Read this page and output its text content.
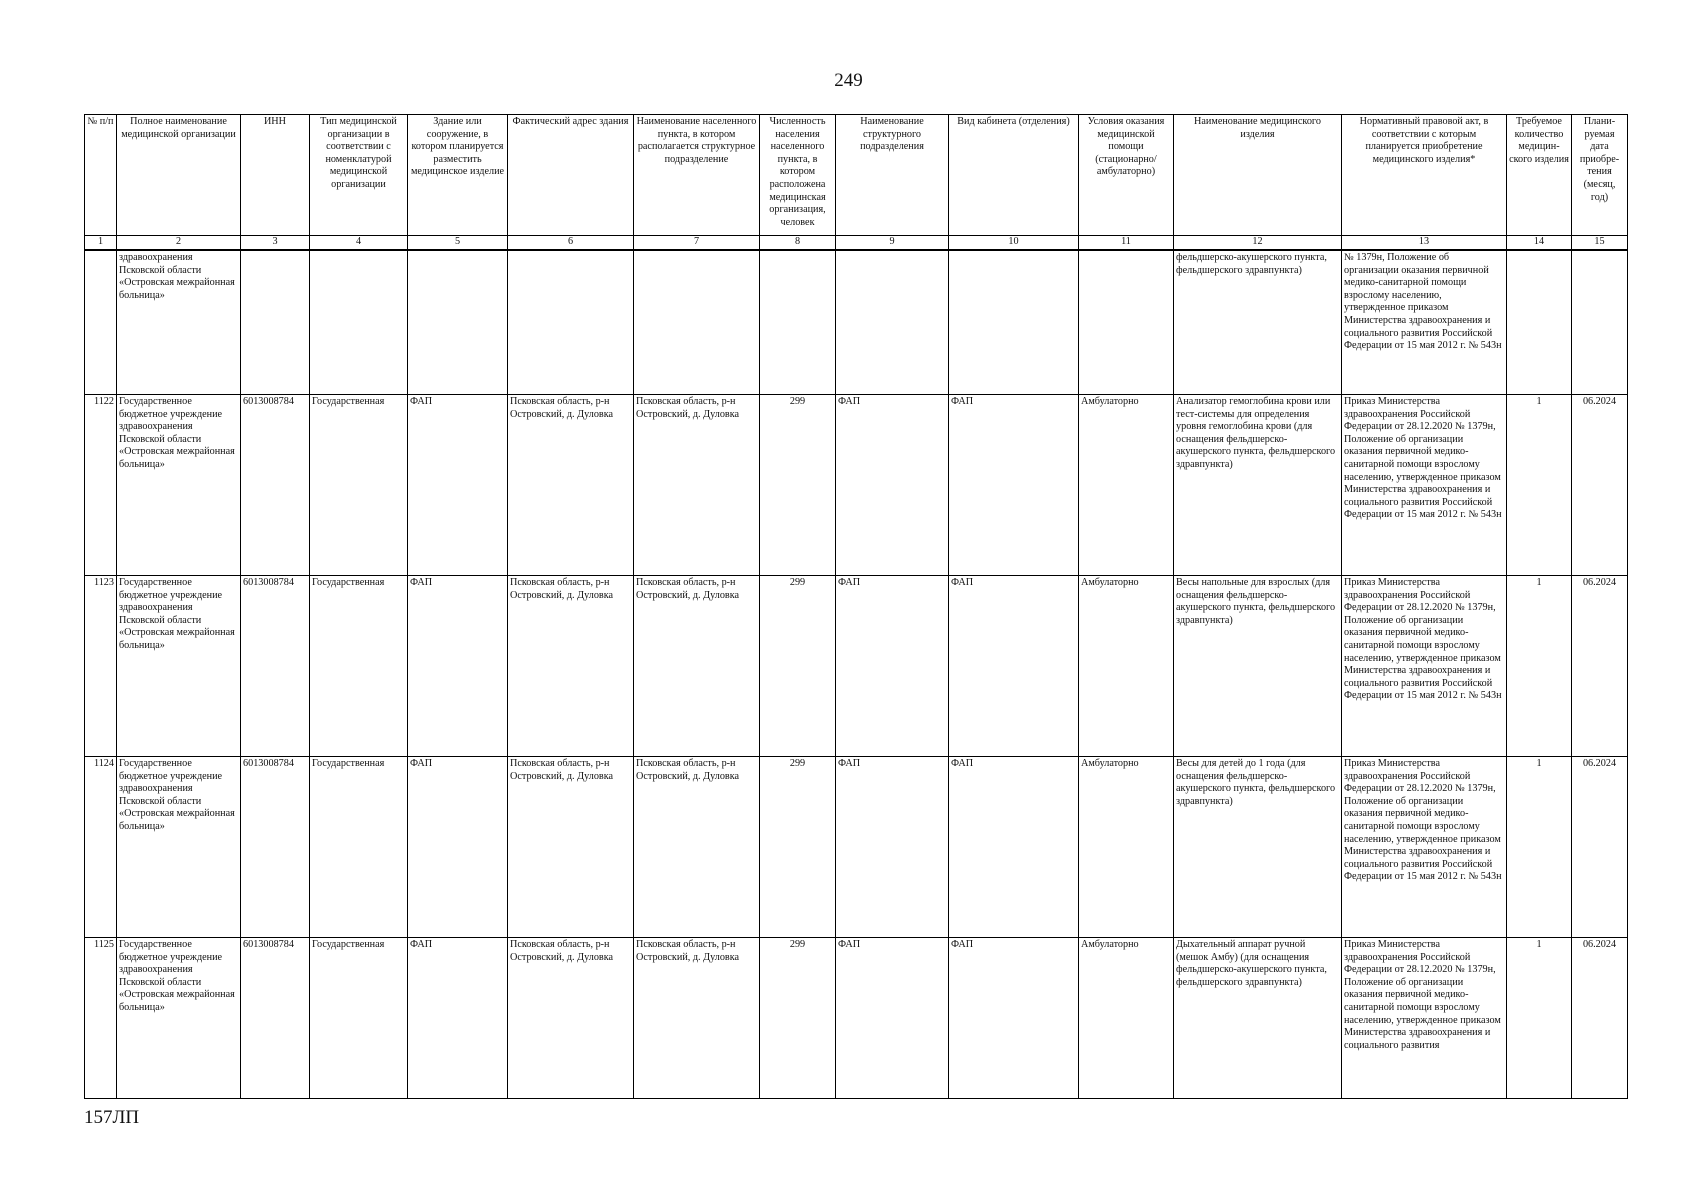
249
№ п/п	Полное наименование медицинской организации	ИНН	Тип медицинской организации в соответствии с номенклатурой медицинской организации	Здание или сооружение, в котором планируется разместить медицинское изделие	Фактический адрес здания	Наименование населенного пункта, в котором располагается структурное подразделение	Численность населения населенного пункта, в котором расположена медицинская организация, человек	Наименование структурного подразделения	Вид кабинета (отделения)	Условия оказания медицинской помощи (стационарно/ амбулаторно)	Наименование медицинского изделия	Нормативный правовой акт, в соответствии с которым планируется приобретение медицинского изделия*	Требуемое количество медицин-ского изделия	Плани-руемая дата приобре-тения (месяц, год)
1	2	3	4	5	6	7	8	9	10	11	12	13	14	15
	здравоохранения Псковской области «Островская межрайонная больница»										фельдшерско-акушерского пункта, фельдшерского здравпункта)	№ 1379н, Положение об организации оказания первичной медико-санитарной помощи взрослому населению, утвержденное приказом Министерства здравоохранения и социального развития Российской Федерации от 15 мая 2012 г. № 543н		
1122	Государственное бюджетное учреждение здравоохранения Псковской области «Островская межрайонная больница»	6013008784	Государственная	ФАП	Псковская область, р-н Островский, д. Дуловка	Псковская область, р-н Островский, д. Дуловка	299	ФАП	ФАП	Амбулаторно	Анализатор гемоглобина крови или тест-системы для определения уровня гемоглобина крови (для оснащения фельдшерско-акушерского пункта, фельдшерского здравпункта)	Приказ Министерства здравоохранения Российской Федерации от 28.12.2020 № 1379н, Положение об организации оказания первичной медико-санитарной помощи взрослому населению, утвержденное приказом Министерства здравоохранения и социального развития Российской Федерации от 15 мая 2012 г. № 543н	1	06.2024
1123	Государственное бюджетное учреждение здравоохранения Псковской области «Островская межрайонная больница»	6013008784	Государственная	ФАП	Псковская область, р-н Островский, д. Дуловка	Псковская область, р-н Островский, д. Дуловка	299	ФАП	ФАП	Амбулаторно	Весы напольные для взрослых (для оснащения фельдшерско-акушерского пункта, фельдшерского здравпункта)	Приказ Министерства здравоохранения Российской Федерации от 28.12.2020 № 1379н, Положение об организации оказания первичной медико-санитарной помощи взрослому населению, утвержденное приказом Министерства здравоохранения и социального развития Российской Федерации от 15 мая 2012 г. № 543н	1	06.2024
1124	Государственное бюджетное учреждение здравоохранения Псковской области «Островская межрайонная больница»	6013008784	Государственная	ФАП	Псковская область, р-н Островский, д. Дуловка	Псковская область, р-н Островский, д. Дуловка	299	ФАП	ФАП	Амбулаторно	Весы для детей до 1 года (для оснащения фельдшерско-акушерского пункта, фельдшерского здравпункта)	Приказ Министерства здравоохранения Российской Федерации от 28.12.2020 № 1379н, Положение об организации оказания первичной медико-санитарной помощи взрослому населению, утвержденное приказом Министерства здравоохранения и социального развития Российской Федерации от 15 мая 2012 г. № 543н	1	06.2024
1125	Государственное бюджетное учреждение здравоохранения Псковской области «Островская межрайонная больница»	6013008784	Государственная	ФАП	Псковская область, р-н Островский, д. Дуловка	Псковская область, р-н Островский, д. Дуловка	299	ФАП	ФАП	Амбулаторно	Дыхательный аппарат ручной (мешок Амбу) (для оснащения фельдшерско-акушерского пункта, фельдшерского здравпункта)	Приказ Министерства здравоохранения Российской Федерации от 28.12.2020 № 1379н, Положение об организации оказания первичной медико-санитарной помощи взрослому населению, утвержденное приказом Министерства здравоохранения и социального развития	1	06.2024
157ЛП
